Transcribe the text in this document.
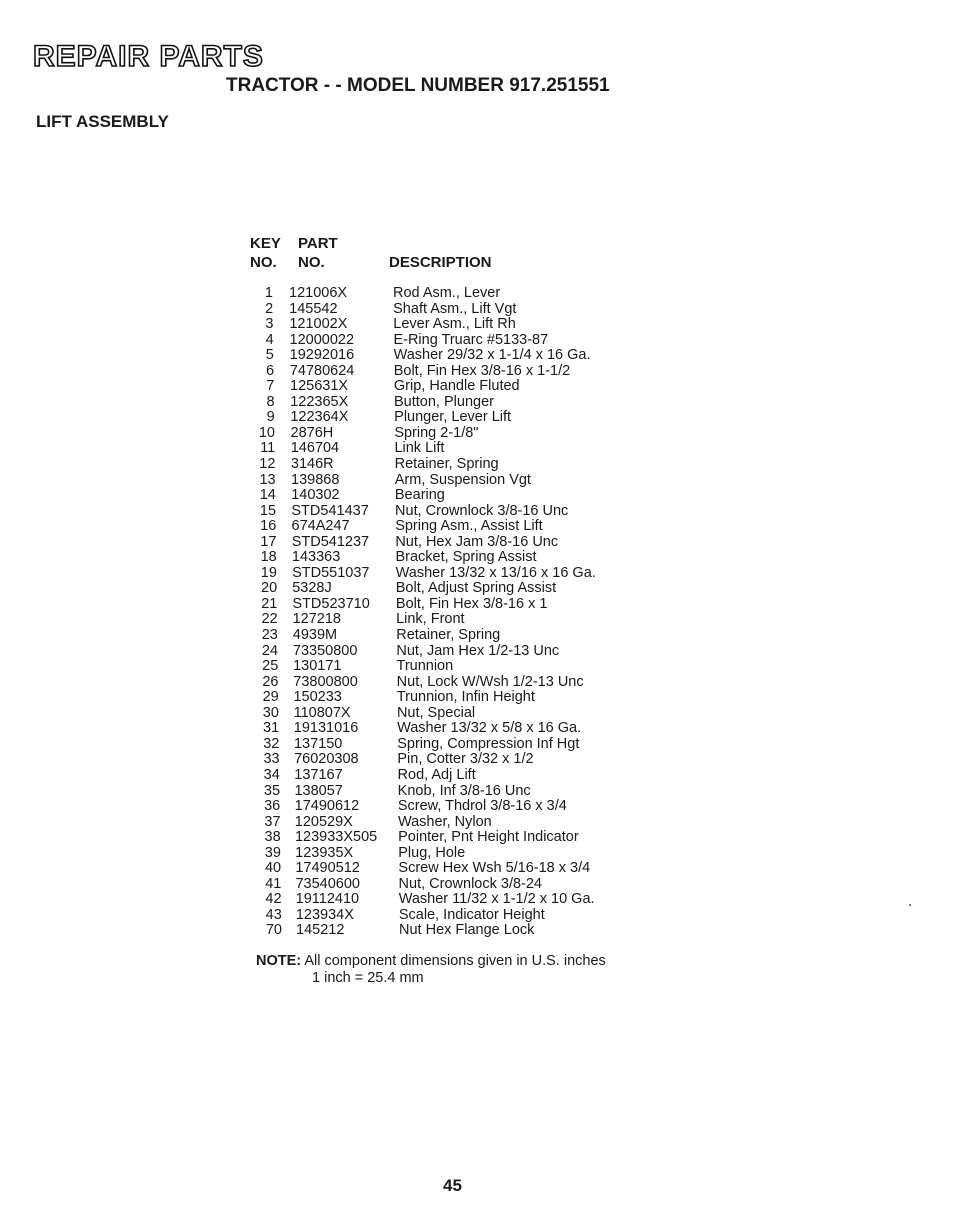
REPAIR PARTS
TRACTOR - - MODEL NUMBER 917.251551
LIFT ASSEMBLY
KEY
NO.
PART
NO.	DESCRIPTION
1 121006X	Rod Asm., Lever
2 145542	Shaft Asm., Lift Vgt
3 121002X	Lever Asm., Lift Rh
4 12000022	E-Ring Truarc #5133-87
5 19292016	Washer 29/32 x 1-1/4 x 16 Ga.
6 74780624	Bolt, Fin Hex 3/8-16 x 1-1/2
7 125631X	Grip, Handle Fluted
8 122365X	Button, Plunger
9 122364X	Plunger, Lever Lift
10 2876H	Spring 2-1/8"
11 146704	Link Lift
12 3146R	Retainer, Spring
13 139868	Arm, Suspension Vgt
14 140302	Bearing
15 STD541437 Nut, Crownlock 3/8-16 Unc
16 674A247	Spring Asm., Assist Lift
17 STD541237 Nut, Hex Jam 3/8-16 Unc
18 143363	Bracket, Spring Assist
19 STD551037 Washer 13/32 x 13/16 x 16 Ga.
20 5328J	Bolt, Adjust Spring Assist
21 STD523710 Bolt, Fin Hex 3/8-16 x 1
22 127218	Link, Front
23 4939M	Retainer, Spring
24 73350800	Nut, Jam Hex 1/2-13 Unc
25 130171	Trunnion
26 73800800	Nut, Lock W/Wsh 1/2-13 Unc
29 150233	Trunnion, Infin Height
30 110807X	Nut, Special
31 19131016	Washer 13/32 x 5/8 x 16 Ga.
32 137150	Spring, Compression Inf Hgt
33 76020308	Pin, Cotter 3/32 x 1/2
34 137167	Rod, Adj Lift
35 138057	Knob, Inf 3/8-16 Unc
36 17490612	Screw, Thdrol 3/8-16 x 3/4
37 120529X	Washer, Nylon
38 123933X505 Pointer, Pnt Height Indicator
39 123935X	Plug, Hole
40 17490512	Screw Hex Wsh 5/16-18 x 3/4
41 73540600	Nut, Crownlock 3/8-24
42 19112410	Washer 11/32 x 1-1/2 x 10 Ga.
43 123934X	Scale, Indicator Height
70 145212	Nut Hex Flange Lock
NOTE: All component dimensions given in U.S. inches
1 inch = 25.4 mm
45
